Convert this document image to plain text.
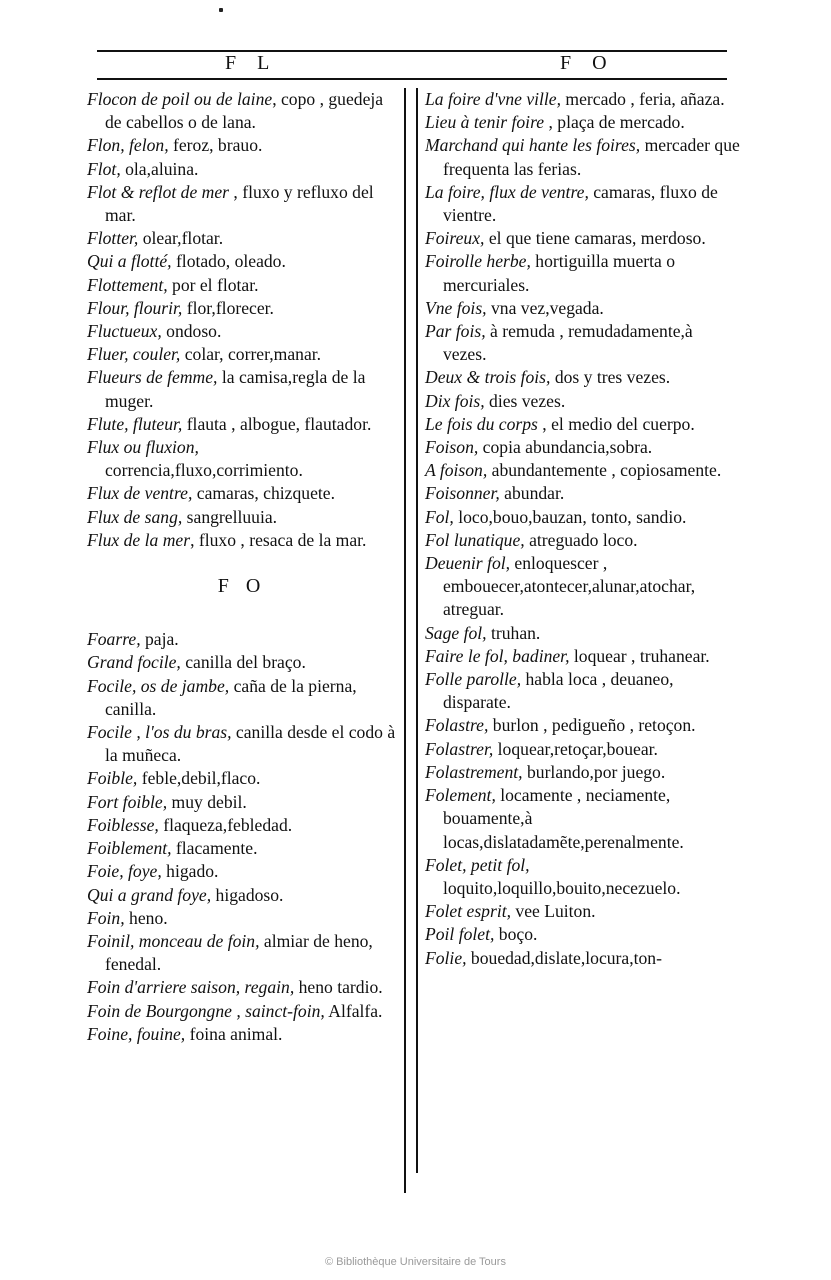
F L	F O
Flocon de poil ou de laine, copo , guedeja de cabellos o de lana.
Flon, felon, feroz, brauo.
Flot, ola,aluina.
Flot & reflot de mer , fluxo y refluxo del mar.
Flotter, olear,flotar.
Qui a flotté, flotado, oleado.
Flottement, por el flotar.
Flour, flourir, flor,florecer.
Fluctueux, ondoso.
Fluer, couler, colar, correr,manar.
Flueurs de femme, la camisa,regla de la muger.
Flute, fluteur, flauta , albogue, flautador.
Flux ou fluxion, correncia,fluxo,corrimiento.
Flux de ventre, camaras, chizquete.
Flux de sang, sangrelluuia.
Flux de la mer, fluxo , resaca de la mar.
F O
Foarre, paja.
Grand focile, canilla del braço.
Focile, os de jambe, caña de la pierna, canilla.
Focile , l'os du bras, canilla desde el codo à la muñeca.
Foible, feble,debil,flaco.
Fort foible, muy debil.
Foiblesse, flaqueza,febledad.
Foiblement, flacamente.
Foie, foye, higado.
Qui a grand foye, higadoso.
Foin, heno.
Foinil, monceau de foin, almiar de heno, fenedal.
Foin d'arriere saison, regain, heno tardio.
Foin de Bourgongne , sainct-foin, Alfalfa.
Foine, fouine, foina animal.
La foire d'vne ville, mercado , feria, añaza.
Lieu à tenir foire , plaça de mercado.
Marchand qui hante les foires, mercader que frequenta las ferias.
La foire, flux de ventre, camaras, fluxo de vientre.
Foireux, el que tiene camaras, merdoso.
Foirolle herbe, hortiguilla muerta o mercuriales.
Vne fois, vna vez,vegada.
Par fois, à remuda , remudadamente,à vezes.
Deux & trois fois, dos y tres vezes.
Dix fois, dies vezes.
Le fois du corps , el medio del cuerpo.
Foison, copia abundancia,sobra.
A foison, abundantemente , copiosamente.
Foisonner, abundar.
Fol, loco,bouo,bauzan, tonto, sandio.
Fol lunatique, atreguado loco.
Deuenir fol, enloquescer , embouecer,atontecer,alunar,atochar, atreguar.
Sage fol, truhan.
Faire le fol, badiner, loquear , truhanear.
Folle parolle, habla loca , deuaneo, disparate.
Folastre, burlon , pedigueño , retoçon.
Folastrer, loquear,retoçar,bouear.
Folastrement, burlando,por juego.
Folement, locamente , neciamente, bouamente,à locas,dislatadamẽte,perenalmente.
Folet, petit fol, loquito,loquillo,bouito,necezuelo.
Folet esprit, vee Luiton.
Poil folet, boço.
Folie, bouedad,dislate,locura,ton-
© Bibliothèque Universitaire de Tours
